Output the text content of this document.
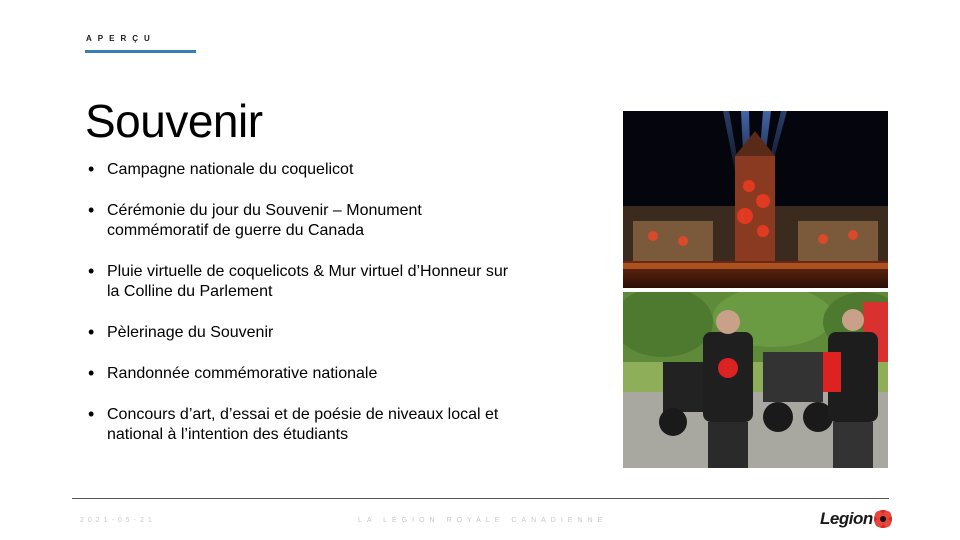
APERÇU
Souvenir
• Campagne nationale du coquelicot
• Cérémonie du jour du Souvenir – Monument
commémoratif de guerre du Canada
• Pluie virtuelle de coquelicots & Mur virtuel d’Honneur sur
la Colline du Parlement
• Pèlerinage du Souvenir
• Randonnée commémorative nationale
• Concours d’art, d’essai et de poésie de niveaux local et
national à l’intention des étudiants
2021-05-21	LA LÉGION ROYALE CANADIENNE	Legion
